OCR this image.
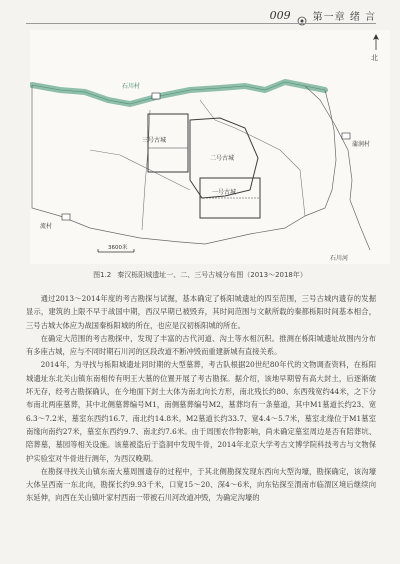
009 第一章 绪 言
北
石川村
蒲润村
流村
三号古城
二号古城
一号古城
石川河
3600米
图1.2 秦汉栎阳城遗址一、二、三号古城分布图（2013～2018年）

通过2013～2014年度的考古勘探与试掘，基本确定了栎阳城遗址的四至范围，三号古城内遗存的发掘显示，建筑的上限不早于战国中期，西汉早期已被毁弃，其时间范围与文献所载的秦都栎阳时间基本相合，三号古城大体应为战国秦栎阳城的所在，也应是汉初栎阳城的所在。

在确定大范围的考古勘探中，发现了丰富的古代河道、沟土等水相沉积。推测在栎阳城遗址故围内分布有多座古城，应与不同时期石川河的区段改道不断冲毁而重建新城有直接关系。

2014年，为寻找与栎阳城遗址同时期的大型墓葬，考古队根据20世纪80年代的文物调查资料，在栎阳城遗址东北关山镇东南相传有明王大墓的位置开展了考古勘探。据介绍，该地早期曾有高大封土，后逐渐破坏无存，经考古勘探确认，在今地面下封土大体为南北向长方形，南北残长约80、东西残宽约44米，之下分布南北两座墓葬，其中北侧墓葬编号M1，南侧墓葬编号M2，墓葬均有一条墓道，其中M1墓道长约23、宽6.3～7.2米，墓室东西约16.7、南北约14.8米。M2墓道长约33.7、宽4.4～5.7米，墓室北缘位于M1墓室南缘向南约27米，墓室东西约9.7、南北约7.6米。由于周围农作物影响，尚未确定墓室周边是否有陪葬坑、陪葬墓，墓园等相关设施。该墓被盗后于盗洞中发现牛骨，2014年北京大学考古文博学院科技考古与文物保护实验室对牛骨进行测年，为西汉晚期。

在勘探寻找关山镇东南大墓周围遗存的过程中，于其北侧勘探发现东西向大型沟壕，勘探确定，该沟壕大体呈西南一东北向，勘探长约9.93千米，口宽15～20、深4～6米，向东钻探至渭南市临渭区境后继续向东延伸，向西在关山镇叶家村西南一带被石川河改道冲毁，为确定沟壕的
